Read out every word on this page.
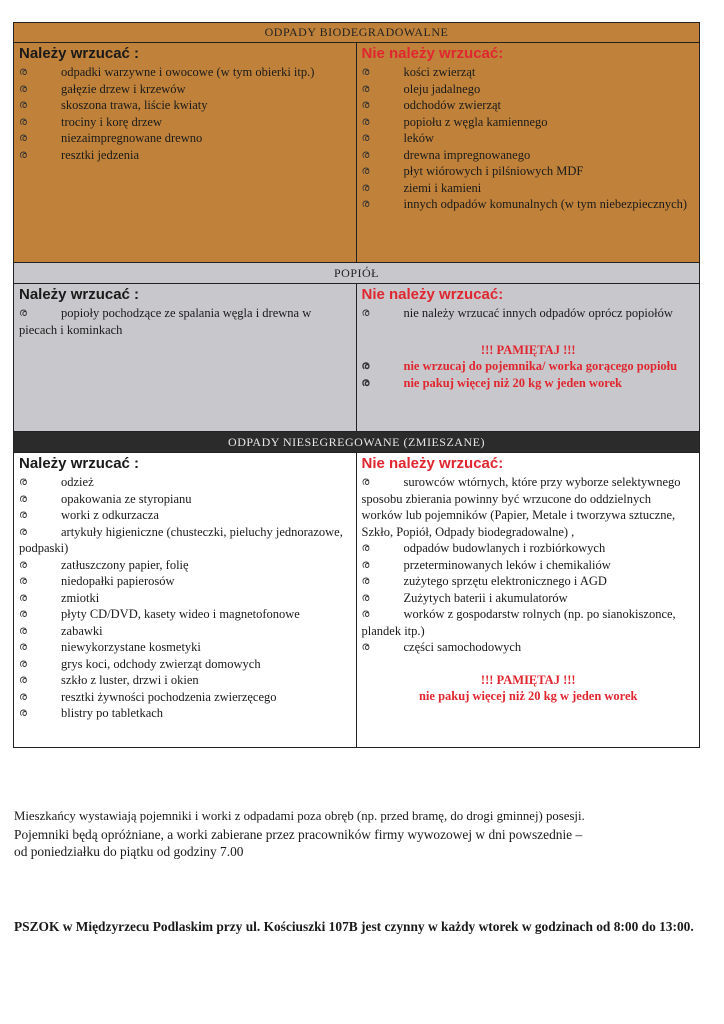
ODPADY BIODEGRADOWALNE
Należy wrzucać :
ര	odpadki warzywne i owocowe (w tym obierki itp.)
ര	gałęzie drzew i krzewów
ര	skoszona trawa, liście kwiaty
ര	trociny i korę drzew
ര	niezaimpregnowane drewno
ര	resztki jedzenia
Nie należy wrzucać:
ര	kości zwierząt
ര	oleju jadalnego
ര	odchodów zwierząt
ര	popiołu z węgla kamiennego
ര	leków
ര	drewna impregnowanego
ര	płyt wiórowych i pilśniowych MDF
ര	ziemi i kamieni
ര	innych odpadów komunalnych (w tym niebezpiecznych)
POPIÓŁ
Należy wrzucać :
ര	popioły pochodzące ze spalania węgla i drewna w piecach i kominkach
Nie należy wrzucać:
ര	nie należy wrzucać innych odpadów oprócz popiołów
!!! PAMIĘTAJ !!!
ര	nie wrzucaj do pojemnika/ worka gorącego popiołu
ര	nie pakuj więcej niż 20 kg w jeden worek
ODPADY NIESEGREGOWANE (ZMIESZANE)
Należy wrzucać :
ര	odzież
ര	opakowania ze styropianu
ര	worki z odkurzacza
ര	artykuły higieniczne (chusteczki, pieluchy jednorazowe, podpaski)
ര	zatłuszczony papier, folię
ര	niedopałki papierosów
ര	zmiotki
ര	płyty CD/DVD, kasety wideo i magnetofonowe
ര	zabawki
ര	niewykorzystane kosmetyki
ര	grys koci, odchody zwierząt domowych
ര	szkło z luster, drzwi i okien
ര	resztki żywności pochodzenia zwierzęcego
ര	blistry po tabletkach
Nie należy wrzucać:
ര	surowców wtórnych, które przy wyborze selektywnego sposobu zbierania powinny być wrzucone do oddzielnych worków lub pojemników (Papier, Metale i tworzywa sztuczne, Szkło, Popiół, Odpady biodegradowalne) ,
ര	odpadów budowlanych i rozbiórkowych
ര	przeterminowanych leków i chemikaliów
ര	zużytego sprzętu elektronicznego i AGD
ര	Zużytych baterii i akumulatorów
ര	worków z gospodarstw rolnych (np. po sianokiszonce, plandek itp.)
ര	części samochodowych
!!! PAMIĘTAJ !!!
nie pakuj więcej niż 20 kg w jeden worek
Mieszkańcy wystawiają pojemniki i worki z odpadami poza obręb (np. przed bramę, do drogi gminnej) posesji.
Pojemniki będą opróżniane, a worki zabierane przez pracowników firmy wywozowej w dni powszednie –
od poniedziałku do piątku od godziny 7.00
PSZOK w Międzyrzecu Podlaskim przy ul. Kościuszki 107B jest czynny w każdy wtorek w godzinach od 8:00 do 13:00.
